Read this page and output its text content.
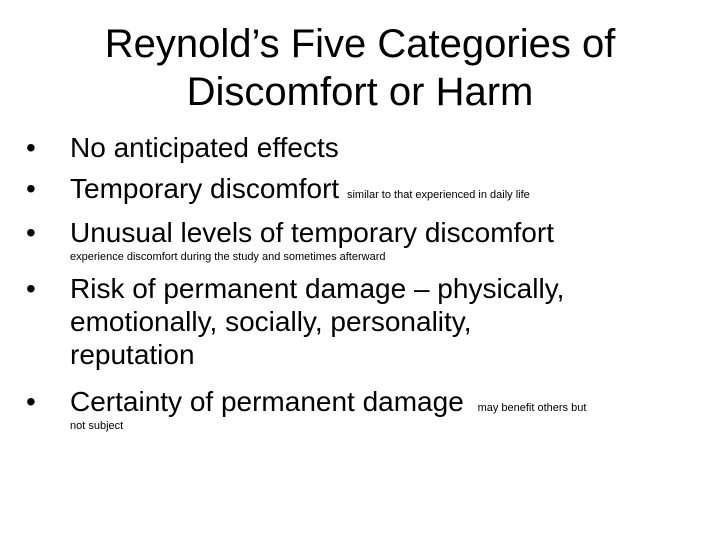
Reynold’s Five Categories of
Discomfort or Harm
•	No anticipated effects
•	Temporary discomfort similar to that experienced in daily life
•	Unusual levels of temporary discomfort
experience discomfort during the study and sometimes afterward
•	Risk of permanent damage – physically,
emotionally, socially, personality,
reputation
•	Certainty of permanent damage may benefit others but
not subject
